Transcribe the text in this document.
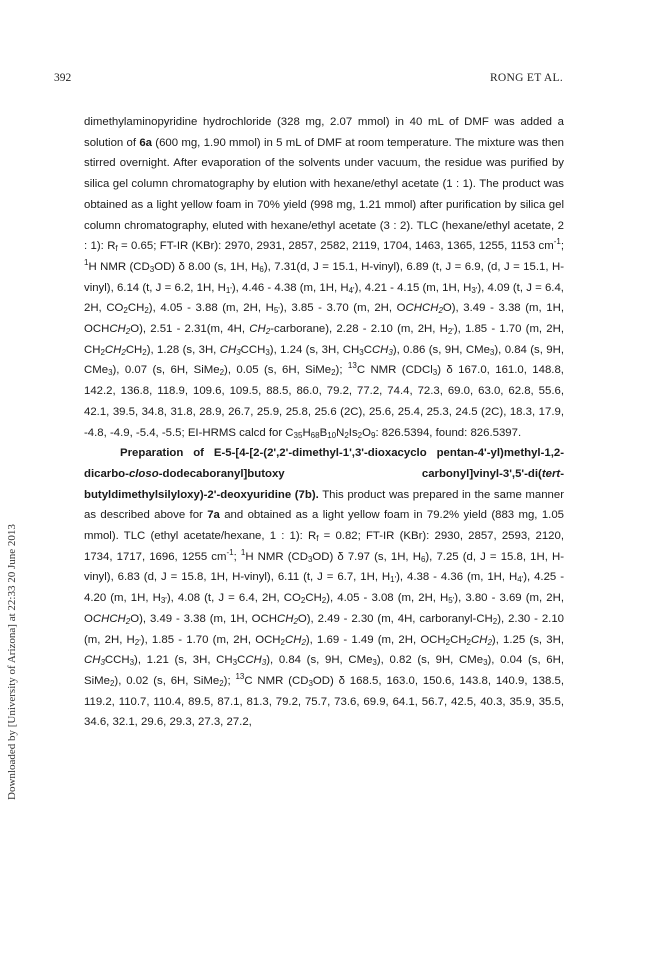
392	RONG ET AL.
Downloaded by [University of Arizona] at 22:33 20 June 2013

dimethylaminopyridine hydrochloride (328 mg, 2.07 mmol) in 40 mL of DMF was added a solution of 6a (600 mg, 1.90 mmol) in 5 mL of DMF at room temperature. The mixture was then stirred overnight. After evaporation of the solvents under vacuum, the residue was purified by silica gel column chromatography by elution with hexane/ethyl acetate (1 : 1). The product was obtained as a light yellow foam in 70% yield (998 mg, 1.21 mmol) after purification by silica gel column chromatography, eluted with hexane/ethyl acetate (3 : 2). TLC (hexane/ethyl acetate, 2 : 1): $R_f = 0.65$; FT-IR (KBr): 2970, 2931, 2857, 2582, 2119, 1704, 1463, 1365, 1255, 1153 $cm^{-1}$; $^1$H NMR $(CD_3OD)$ δ 8.00 (s, 1H, $H_6$), 7.31(d, J = 15.1, H-vinyl), 6.89 (t, J = 6.9, (d, J = 15.1, H-vinyl), 6.14 (t, J = 6.2, 1H, $H_{1'}$), 4.46 - 4.38 (m, 1H, $H_{4'}$), 4.21 - 4.15 (m, 1H, $H_{3'}$), 4.09 (t, J = 6.4, 2H, $CO_2CH_2$), 4.05 - 3.88 (m, 2H, $H_{5'}$), 3.85 - 3.70 (m, 2H, $OCHCH_2O$), 3.49 - 3.38 (m, 1H, $OCHCH_2O$), 2.51 - 2.31(m, 4H, $CH_2-carborane$), 2.28 - 2.10 (m, 2H, $H_{2'}$), 1.85 - 1.70 (m, 2H, $CH_2CH_2CH_2$), 1.28 (s, 3H, $CH_3CCH_3$), 1.24 (s, 3H, $CH_3CCH_3$), 0.86 (s, 9H, CMe$_3$), 0.84 (s, 9H, CMe$_3$), 0.07 (s, 6H, SiMe$_2$), 0.05 (s, 6H, SiMe$_2$); $^{13}$C NMR (CDCl$_3$) δ 167.0, 161.0, 148.8, 142.2, 136.8, 118.9, 109.6, 109.5, 88.5, 86.0, 79.2, 77.2, 74.4, 72.3, 69.0, 63.0, 62.8, 55.6, 42.1, 39.5, 34.8, 31.8, 28.9, 26.7, 25.9, 25.8, 25.6 (2C), 25.6, 25.4, 25.3, 24.5 (2C), 18.3, 17.9, -4.8, -4.9, -5.4, -5.5; EI-HRMS calcd for $C_{35}H_{68}B_{10}N_2Is_2O_9$: 826.5394, found: 826.5397.

Preparation of E-5-[4-[2-(2',2'-dimethyl-1',3'-dioxacyclo pentan-4'-yl)methyl-1,2-dicarbo-closo-dodecaboranyl]butoxy carbonyl]vinyl-3',5'-di(tert-butyldimethylsilyloxy)-2'-deoxyuridine (7b). This product was prepared in the same manner as described above for 7a and obtained as a light yellow foam in 79.2% yield (883 mg, 1.05 mmol). TLC (ethyl acetate/hexane, 1 : 1): $R_f = 0.82$; FT-IR (KBr): 2930, 2857, 2593, 2120, 1734, 1717, 1696, 1255 $cm^{-1}$; $^1$H NMR $(CD_3OD)$ δ 7.97 (s, 1H, $H_6$), 7.25 (d, J = 15.8, 1H, H-vinyl), 6.83 (d, J = 15.8, 1H, H-vinyl), 6.11 (t, J = 6.7, 1H, $H_{1'}$), 4.38 - 4.36 (m, 1H, $H_{4'}$), 4.25 - 4.20 (m, 1H, $H_{3'}$), 4.08 (t, J = 6.4, 2H, $CO_2CH_2$), 4.05 - 3.08 (m, 2H, $H_{5'}$), 3.80 - 3.69 (m, 2H, $OCHCH_2O$), 3.49 - 3.38 (m, 1H, $OCHCH_2O$), 2.49 - 2.30 (m, 4H, carboranyl-$CH_2$), 2.30 - 2.10 (m, 2H, $H_{2'}$), 1.85 - 1.70 (m, 2H, $OCH_2CH_2$), 1.69 - 1.49 (m, 2H, $OCH_2CH_2CH_2$), 1.25 (s, 3H, $CH_3CCH_3$), 1.21 (s, 3H, $CH_3CCH_3$), 0.84 (s, 9H, CMe$_3$), 0.82 (s, 9H, CMe$_3$), 0.04 (s, 6H, SiMe$_2$), 0.02 (s, 6H, SiMe$_2$); $^{13}$C NMR $(CD_3OD)$ δ 168.5, 163.0, 150.6, 143.8, 140.9, 138.5, 119.2, 110.7, 110.4, 89.5, 87.1, 81.3, 79.2, 75.7, 73.6, 69.9, 64.1, 56.7, 42.5, 40.3, 35.9, 35.5, 34.6, 32.1, 29.6, 29.3, 27.3, 27.2,
